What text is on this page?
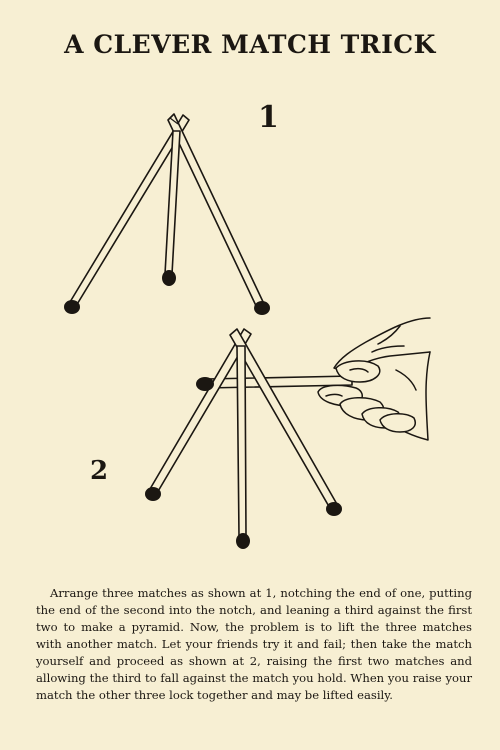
A CLEVER MATCH TRICK
1
2
Arrange three matches as shown at 1, notching the end of one, putting the end of the second into the notch, and leaning a third against the first two to make a pyramid. Now, the problem is to lift the three matches with another match. Let your friends try it and fail; then take the match yourself and proceed as shown at 2, raising the first two matches and allowing the third to fall against the match you hold. When you raise your match the other three lock together and may be lifted easily.
